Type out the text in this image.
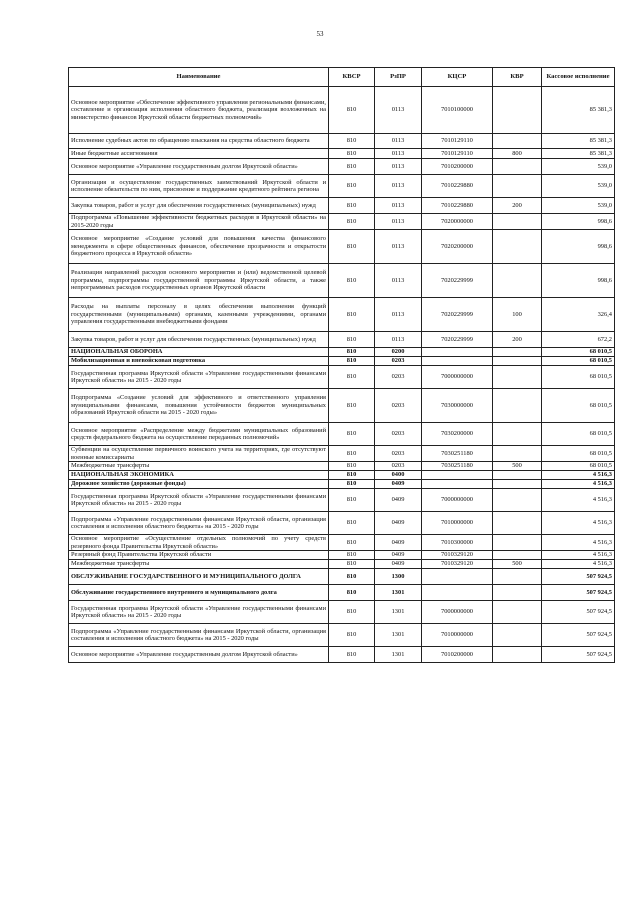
53
Наименование	КВСР	РзПР	КЦСР	КВР	Кассовое исполнение
Основное мероприятие «Обеспечение эффективного управления региональными финансами, составление и организация исполнения областного бюджета, реализация возложенных на министерство финансов Иркутской области бюджетных полномочий»	810	0113	7010100000		85 381,3
Исполнение судебных актов по обращению взыскания на средства областного бюджета	810	0113	7010129110		85 381,3
Иные бюджетные ассигнования	810	0113	7010129110	800	85 381,3
Основное мероприятие «Управление государственным долгом Иркутской области»	810	0113	7010200000		539,0
Организация и осуществление государственных заимствований Иркутской области и исполнение обязательств по ним, присвоение и поддержание кредитного рейтинга региона	810	0113	7010229880		539,0
Закупка товаров, работ и услуг для обеспечения государственных (муниципальных) нужд	810	0113	7010229880	200	539,0
Подпрограмма «Повышение эффективности бюджетных расходов в Иркутской области» на 2015-2020 годы	810	0113	7020000000		998,6
Основное мероприятие «Создание условий для повышения качества финансового менеджмента в сфере общественных финансов, обеспечение прозрачности и открытости бюджетного процесса в Иркутской области»	810	0113	7020200000		998,6
Реализация направлений расходов основного мероприятия и (или) ведомственной целевой программы, подпрограммы государственной программы Иркутской области, а также непрограммных расходов государственных органов Иркутской области	810	0113	7020229999		998,6
Расходы на выплаты персоналу в целях обеспечения выполнения функций государственными (муниципальными) органами, казенными учреждениями, органами управления государственными внебюджетными фондами	810	0113	7020229999	100	326,4
Закупка товаров, работ и услуг для обеспечения государственных (муниципальных) нужд	810	0113	7020229999	200	672,2
НАЦИОНАЛЬНАЯ ОБОРОНА	810	0200			68 010,5
Мобилизационная и вневойсковая подготовка	810	0203			68 010,5
Государственная программа Иркутской области «Управление государственными финансами Иркутской области» на 2015 - 2020 годы	810	0203	7000000000		68 010,5
Подпрограмма «Создание условий для эффективного и ответственного управления муниципальными финансами, повышения устойчивости бюджетов муниципальных образований Иркутской области на 2015 - 2020 годы»	810	0203	7030000000		68 010,5
Основное мероприятие «Распределение между бюджетами муниципальных образований средств федерального бюджета на осуществление переданных полномочий»	810	0203	7030200000		68 010,5
Субвенции на осуществление первичного воинского учета на территориях, где отсутствуют военные комиссариаты	810	0203	7030251180		68 010,5
Межбюджетные трансферты	810	0203	7030251180	500	68 010,5
НАЦИОНАЛЬНАЯ ЭКОНОМИКА	810	0400			4 516,3
Дорожное хозяйство (дорожные фонды)	810	0409			4 516,3
Государственная программа Иркутской области «Управление государственными финансами Иркутской области» на 2015 - 2020 годы	810	0409	7000000000		4 516,3
Подпрограмма «Управление государственными финансами Иркутской области, организация составления и исполнения областного бюджета» на 2015 - 2020 годы	810	0409	7010000000		4 516,3
Основное мероприятие «Осуществление отдельных полномочий по учету средств резервного фонда Правительства Иркутской области»	810	0409	7010300000		4 516,3
Резервный фонд Правительства Иркутской области	810	0409	7010329120		4 516,3
Межбюджетные трансферты	810	0409	7010329120	500	4 516,3
ОБСЛУЖИВАНИЕ ГОСУДАРСТВЕННОГО И МУНИЦИПАЛЬНОГО ДОЛГА	810	1300			507 924,5
Обслуживание государственного внутреннего и муниципального долга	810	1301			507 924,5
Государственная программа Иркутской области «Управление государственными финансами Иркутской области» на 2015 - 2020 годы	810	1301	7000000000		507 924,5
Подпрограмма «Управление государственными финансами Иркутской области, организация составления и исполнения областного бюджета» на 2015 - 2020 годы	810	1301	7010000000		507 924,5
Основное мероприятие «Управление государственным долгом Иркутской области»	810	1301	7010200000		507 924,5
